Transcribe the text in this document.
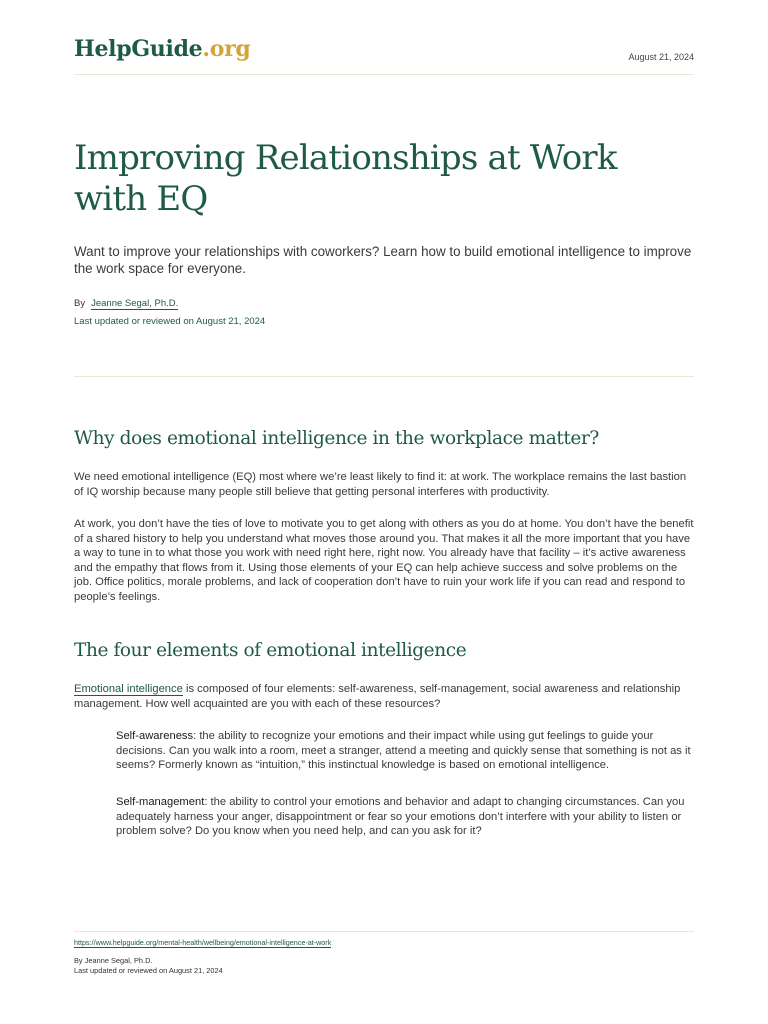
HelpGuide.org	August 21, 2024
Improving Relationships at Work with EQ

Want to improve your relationships with coworkers? Learn how to build emotional intelligence to improve the work space for everyone.

By Jeanne Segal, Ph.D.
Last updated or reviewed on August 21, 2024
Why does emotional intelligence in the workplace matter?

We need emotional intelligence (EQ) most where we’re least likely to find it: at work. The workplace remains the last bastion of IQ worship because many people still believe that getting personal interferes with productivity.

At work, you don’t have the ties of love to motivate you to get along with others as you do at home. You don’t have the benefit of a shared history to help you understand what moves those around you. That makes it all the more important that you have a way to tune in to what those you work with need right here, right now. You already have that facility – it’s active awareness and the empathy that flows from it. Using those elements of your EQ can help achieve success and solve problems on the job. Office politics, morale problems, and lack of cooperation don’t have to ruin your work life if you can read and respond to people’s feelings.

The four elements of emotional intelligence

Emotional intelligence is composed of four elements: self-awareness, self-management, social awareness and relationship management. How well acquainted are you with each of these resources?

Self-awareness: the ability to recognize your emotions and their impact while using gut feelings to guide your decisions. Can you walk into a room, meet a stranger, attend a meeting and quickly sense that something is not as it seems? Formerly known as “intuition,” this instinctual knowledge is based on emotional intelligence.

Self-management: the ability to control your emotions and behavior and adapt to changing circumstances. Can you adequately harness your anger, disappointment or fear so your emotions don’t interfere with your ability to listen or problem solve? Do you know when you need help, and can you ask for it?

https://www.helpguide.org/mental-health/wellbeing/emotional-intelligence-at-work
By Jeanne Segal, Ph.D.
Last updated or reviewed on August 21, 2024
